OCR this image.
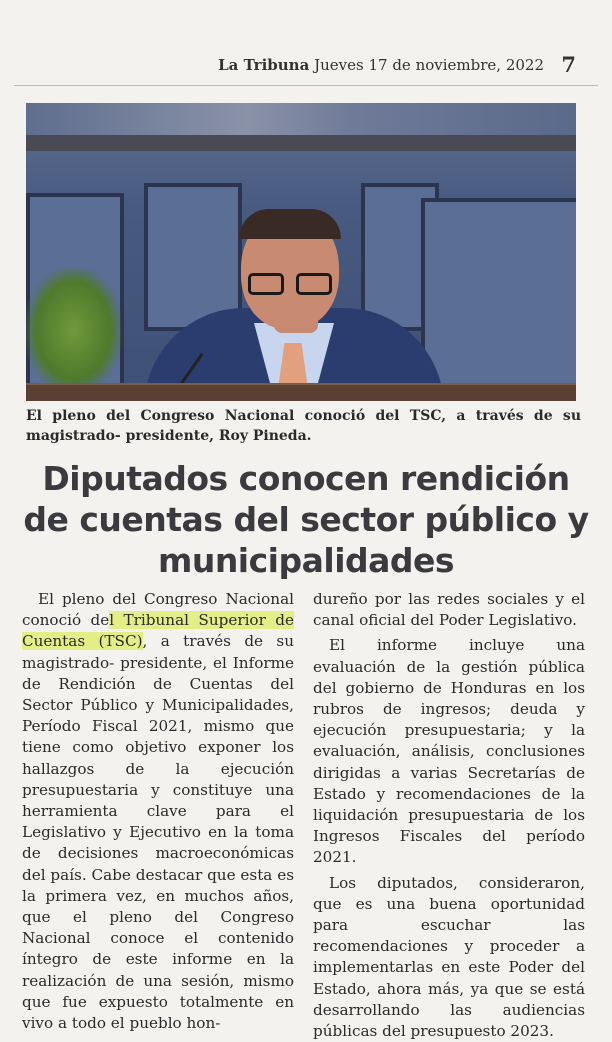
La Tribuna Jueves 17 de noviembre, 2022 7
El pleno del Congreso Nacional conoció del TSC, a través de su magistrado- presidente, Roy Pineda.
Diputados conocen rendición de cuentas del sector público y municipalidades

El pleno del Congreso Nacional conoció del Tribunal Superior de Cuentas (TSC), a través de su magistrado- presidente, el Informe de Rendición de Cuentas del Sector Público y Municipalidades, Período Fiscal 2021, mismo que tiene como objetivo exponer los hallazgos de la ejecución presupuestaria y constituye una herramienta clave para el Legislativo y Ejecutivo en la toma de decisiones macroeconómicas del país. Cabe destacar que esta es la primera vez, en muchos años, que el pleno del Congreso Nacional conoce el contenido íntegro de este informe en la realización de una sesión, mismo que fue expuesto totalmente en vivo a todo el pueblo hon-

dureño por las redes sociales y el canal oficial del Poder Legislativo.

El informe incluye una evaluación de la gestión pública del gobierno de Honduras en los rubros de ingresos; deuda y ejecución presupuestaria; y la evaluación, análisis, conclusiones dirigidas a varias Secretarías de Estado y recomendaciones de la liquidación presupuestaria de los Ingresos Fiscales del período 2021.

Los diputados, consideraron, que es una buena oportunidad para escuchar las recomendaciones y proceder a implementarlas en este Poder del Estado, ahora más, ya que se está desarrollando las audiencias públicas del presupuesto 2023.
